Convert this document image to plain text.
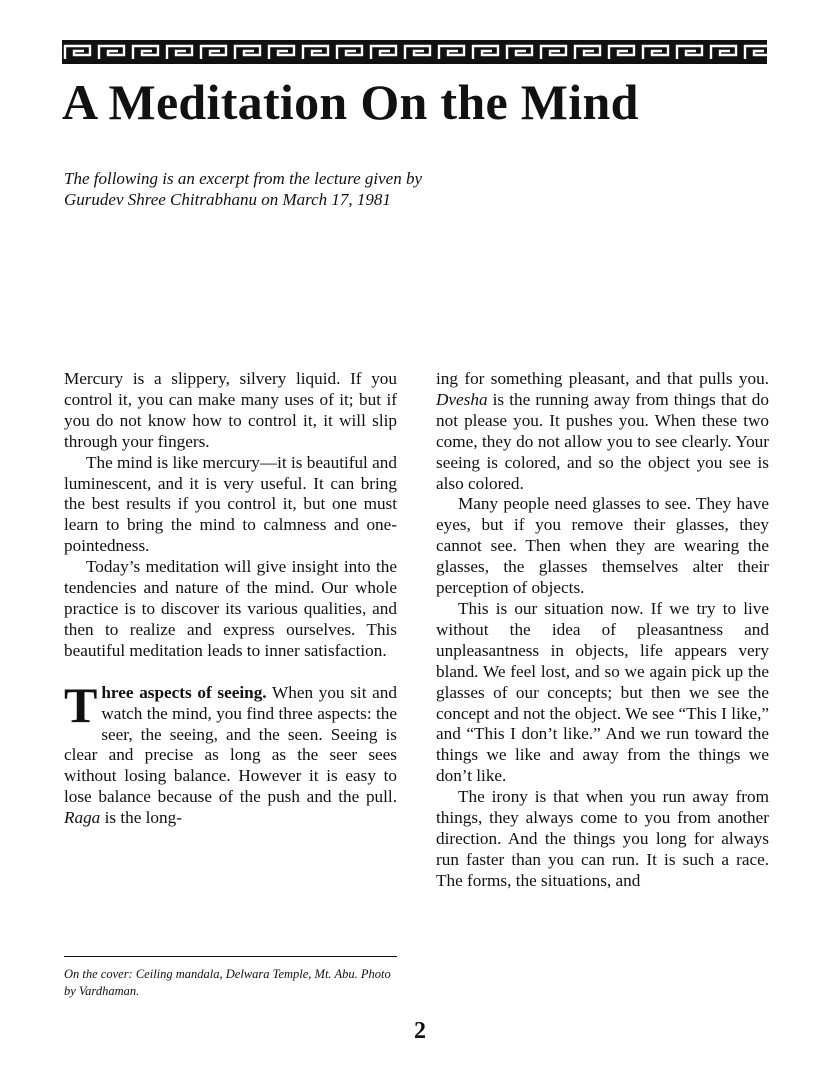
A Meditation On the Mind

The following is an excerpt from the lecture given by Gurudev Shree Chitrabhanu on March 17, 1981

Mercury is a slippery, silvery liquid. If you control it, you can make many uses of it; but if you do not know how to control it, it will slip through your fingers.

The mind is like mercury—it is beautiful and luminescent, and it is very useful. It can bring the best results if you control it, but one must learn to bring the mind to calmness and one-pointedness.

Today’s meditation will give insight into the tendencies and nature of the mind. Our whole practice is to discover its various qualities, and then to realize and express ourselves. This beautiful meditation leads to inner satisfaction.

Three aspects of seeing. When you sit and watch the mind, you find three aspects: the seer, the seeing, and the seen. Seeing is clear and precise as long as the seer sees without losing balance. However it is easy to lose balance because of the push and the pull. Raga is the long-

ing for something pleasant, and that pulls you. Dvesha is the running away from things that do not please you. It pushes you. When these two come, they do not allow you to see clearly. Your seeing is colored, and so the object you see is also colored.

Many people need glasses to see. They have eyes, but if you remove their glasses, they cannot see. Then when they are wearing the glasses, the glasses themselves alter their perception of objects.

This is our situation now. If we try to live without the idea of pleasantness and unpleasantness in objects, life appears very bland. We feel lost, and so we again pick up the glasses of our concepts; but then we see the concept and not the object. We see “This I like,” and “This I don’t like.” And we run toward the things we like and away from the things we don’t like.

The irony is that when you run away from things, they always come to you from another direction. And the things you long for always run faster than you can run. It is such a race. The forms, the situations, and

On the cover: Ceiling mandala, Delwara Temple, Mt. Abu. Photo by Vardhaman.

2
